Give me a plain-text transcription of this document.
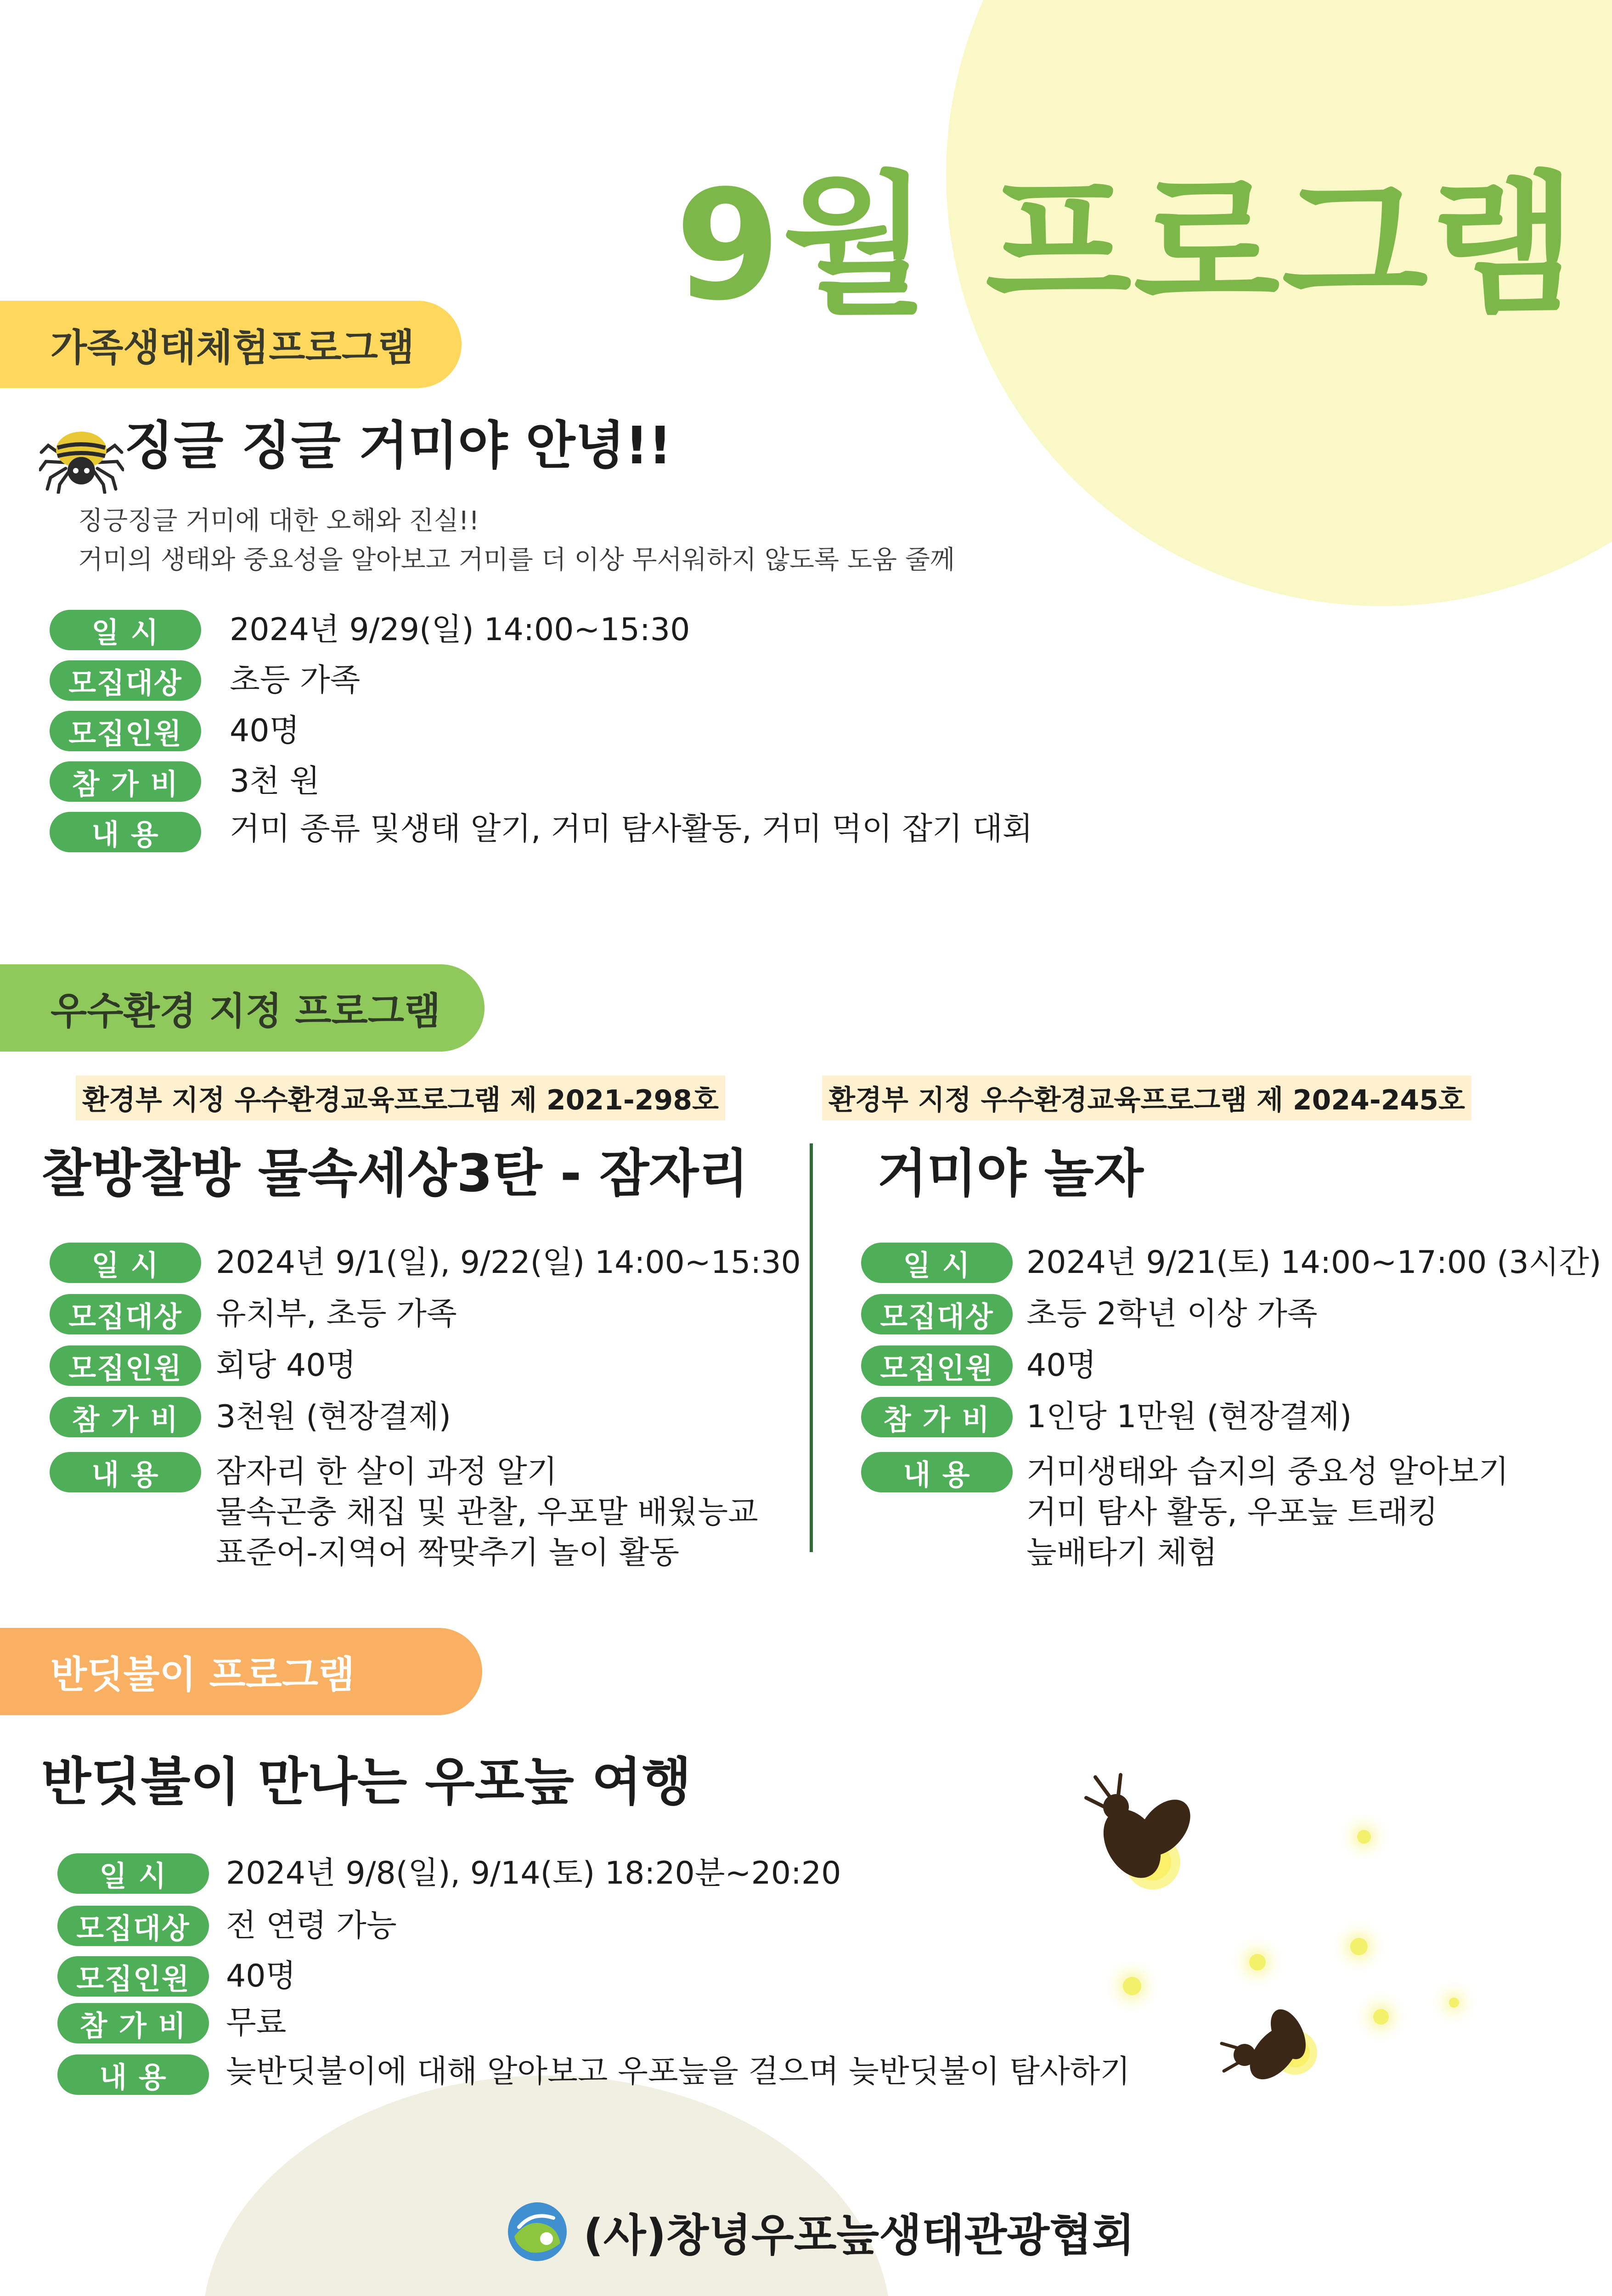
9월 프로그램
가족생태체험프로그램
징글 징글 거미야 안녕!!
징긍징글 거미에 대한 오해와 진실!!
거미의 생태와 중요성을 알아보고 거미를 더 이상 무서워하지 않도록 도움 줄께
일 시	2024년 9/29(일) 14:00~15:30
모집대상	초등 가족
모집인원	40명
참 가 비	3천 원
내 용	거미 종류 및생태 알기, 거미 탐사활동, 거미 먹이 잡기 대회
우수환경 지정 프로그램
환경부 지정 우수환경교육프로그램 제 2021-298호	환경부 지정 우수환경교육프로그램 제 2024-245호
찰방찰방 물속세상3탄 - 잠자리	거미야 놀자
일 시	2024년 9/1(일), 9/22(일) 14:00~15:30
모집대상	유치부, 초등 가족
모집인원	회당 40명
참 가 비	3천원 (현장결제)
내 용	잠자리 한 살이 과정 알기
물속곤충 채집 및 관찰, 우포말 배웠능교
표준어-지역어 짝맞추기 놀이 활동
일 시	2024년 9/21(토) 14:00~17:00 (3시간)
모집대상	초등 2학년 이상 가족
모집인원	40명
참 가 비	1인당 1만원 (현장결제)
내 용	거미생태와 습지의 중요성 알아보기
거미 탐사 활동, 우포늪 트래킹
늪배타기 체험
반딧불이 프로그램
반딧불이 만나는 우포늪 여행
일 시	2024년 9/8(일), 9/14(토) 18:20분~20:20
모집대상	전 연령 가능
모집인원	40명
참 가 비	무료
내 용	늦반딧불이에 대해 알아보고 우포늪을 걸으며 늦반딧불이 탐사하기
(사)창녕우포늪생태관광협회
